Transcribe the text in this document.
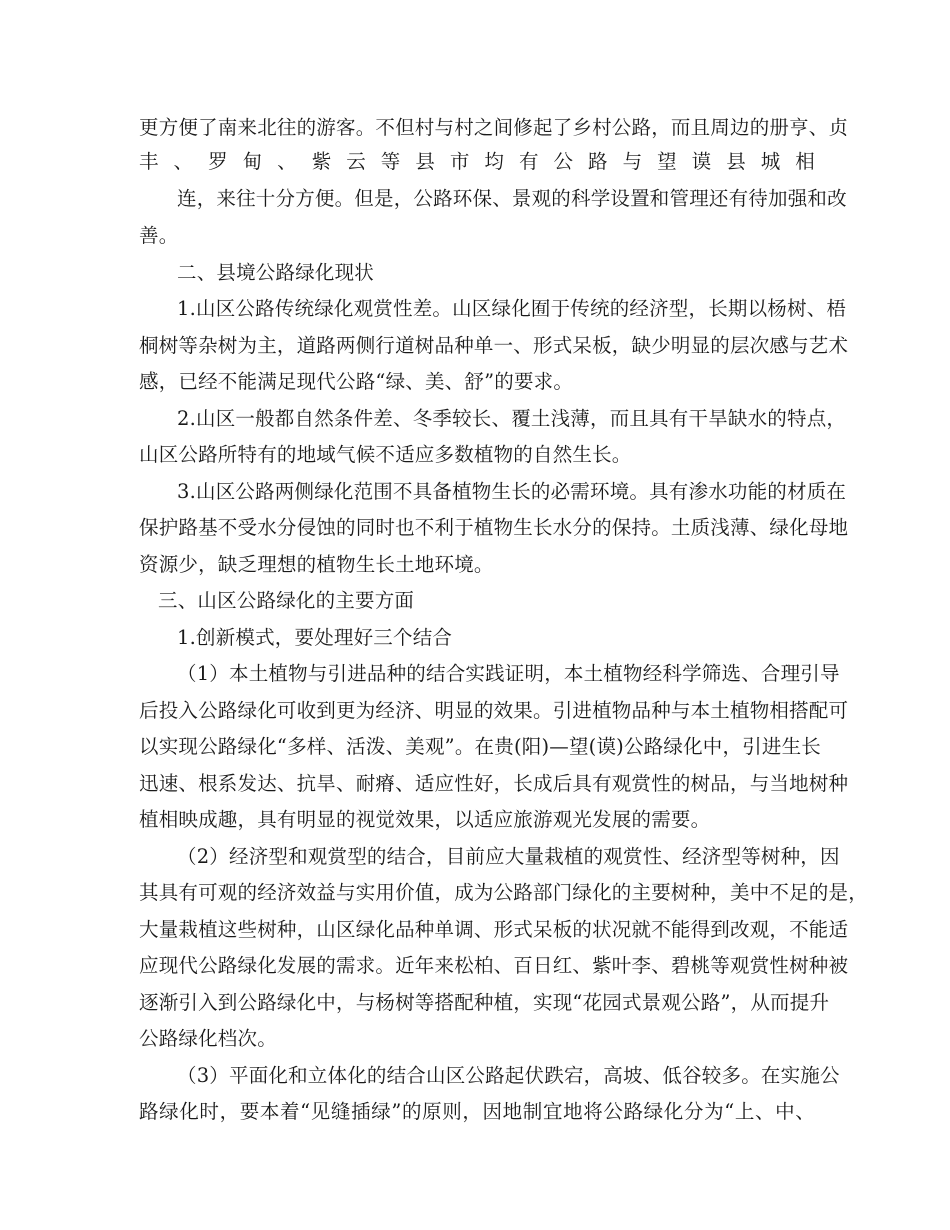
更方便了南来北往的游客。不但村与村之间修起了乡村公路，而且周边的册亨、贞
丰、罗甸、紫云等县市均有公路与望谟县城相
连，来往十分方便。但是，公路环保、景观的科学设置和管理还有待加强和改
善。
二、县境公路绿化现状
1.山区公路传统绿化观赏性差。山区绿化囿于传统的经济型，长期以杨树、梧
桐树等杂树为主，道路两侧行道树品种单一、形式呆板，缺少明显的层次感与艺术
感，已经不能满足现代公路“绿、美、舒”的要求。
2.山区一般都自然条件差、冬季较长、覆土浅薄，而且具有干旱缺水的特点，
山区公路所特有的地域气候不适应多数植物的自然生长。
3.山区公路两侧绿化范围不具备植物生长的必需环境。具有渗水功能的材质在
保护路基不受水分侵蚀的同时也不利于植物生长水分的保持。土质浅薄、绿化母地
资源少，缺乏理想的植物生长土地环境。
三、山区公路绿化的主要方面
1.创新模式，要处理好三个结合
（1）本土植物与引进品种的结合实践证明，本土植物经科学筛选、合理引导
后投入公路绿化可收到更为经济、明显的效果。引进植物品种与本土植物相搭配可
以实现公路绿化“多样、活泼、美观”。在贵(阳)—望(谟)公路绿化中，引进生长
迅速、根系发达、抗旱、耐瘠、适应性好，长成后具有观赏性的树品，与当地树种
植相映成趣，具有明显的视觉效果，以适应旅游观光发展的需要。
（2）经济型和观赏型的结合，目前应大量栽植的观赏性、经济型等树种，因
其具有可观的经济效益与实用价值，成为公路部门绿化的主要树种，美中不足的是，
大量栽植这些树种，山区绿化品种单调、形式呆板的状况就不能得到改观，不能适
应现代公路绿化发展的需求。近年来松柏、百日红、紫叶李、碧桃等观赏性树种被
逐渐引入到公路绿化中，与杨树等搭配种植，实现“花园式景观公路”，从而提升
公路绿化档次。
（3）平面化和立体化的结合山区公路起伏跌宕，高坡、低谷较多。在实施公
路绿化时，要本着“见缝插绿”的原则，因地制宜地将公路绿化分为“上、中、
